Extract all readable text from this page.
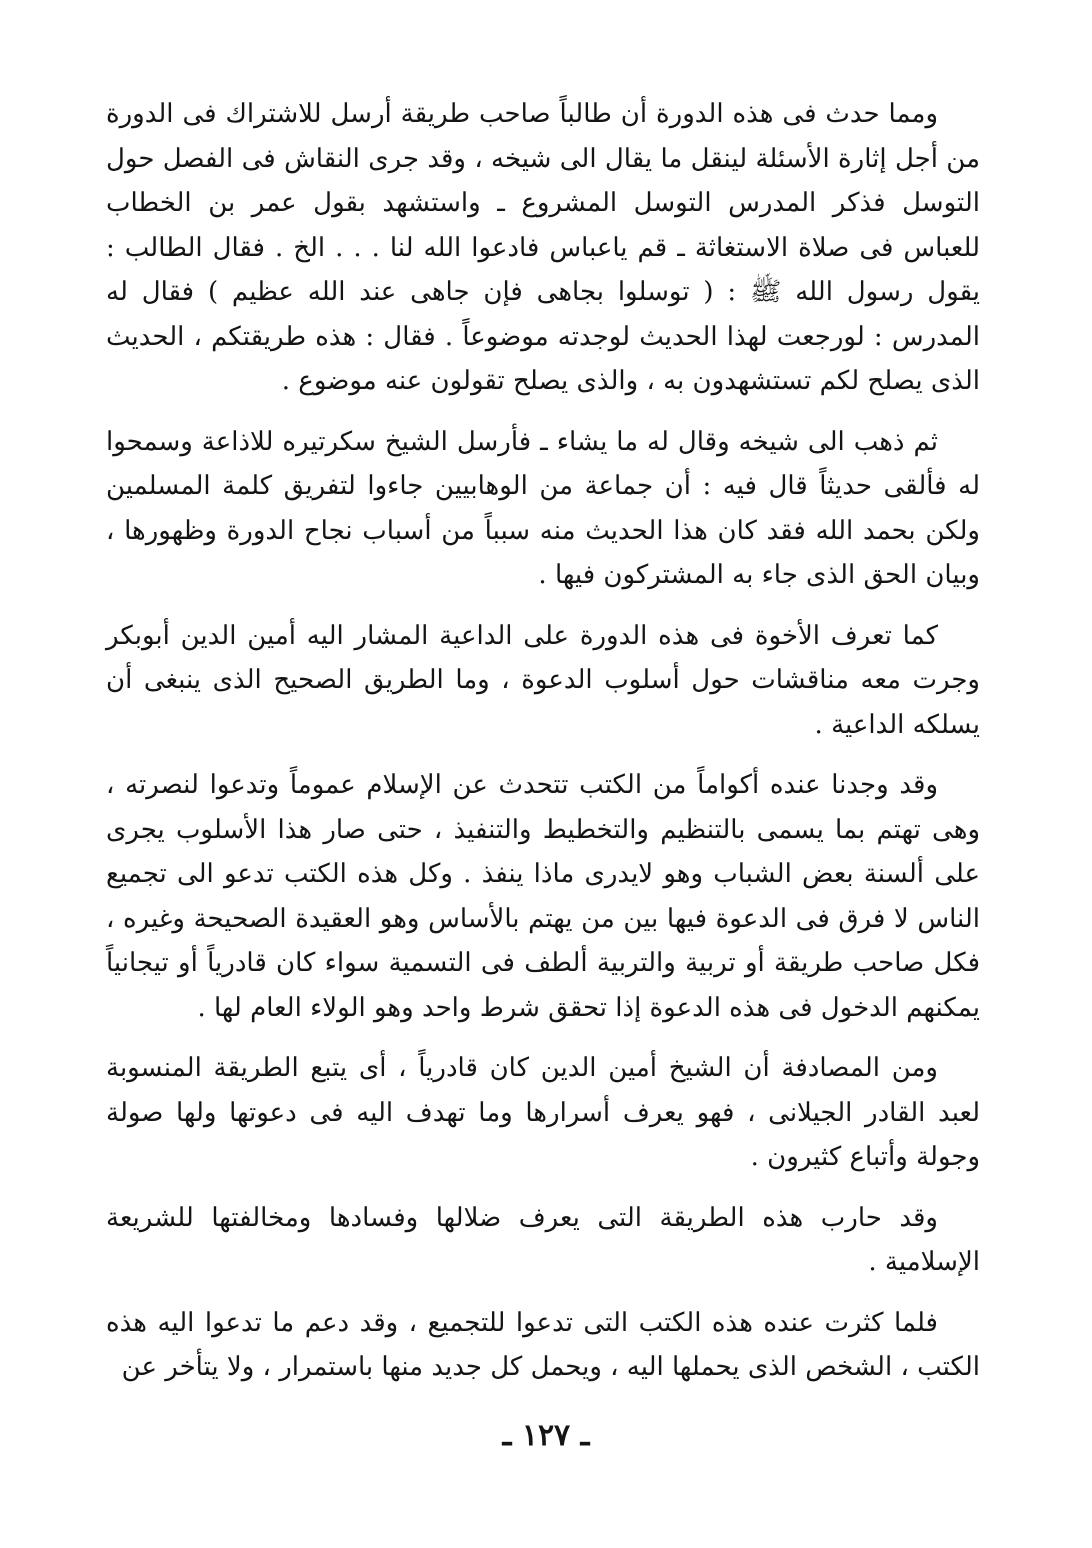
ومما حدث فى هذه الدورة أن طالباً صاحب طريقة أرسل للاشتراك فى الدورة من أجل إثارة الأسئلة لينقل ما يقال الى شيخه ، وقد جرى النقاش فى الفصل حول التوسل فذكر المدرس التوسل المشروع ـ واستشهد بقول عمر بن الخطاب للعباس فى صلاة الاستغاثة ـ قم ياعباس فادعوا الله لنا . . . الخ . فقال الطالب : يقول رسول الله ﷺ : ( توسلوا بجاهى فإن جاهى عند الله عظيم ) فقال له المدرس : لورجعت لهذا الحديث لوجدته موضوعاً . فقال : هذه طريقتكم ، الحديث الذى يصلح لكم تستشهدون به ، والذى يصلح تقولون عنه موضوع .

ثم ذهب الى شيخه وقال له ما يشاء ـ فأرسل الشيخ سكرتيره للاذاعة وسمحوا له فألقى حديثاً قال فيه : أن جماعة من الوهابيين جاءوا لتفريق كلمة المسلمين ولكن بحمد الله فقد كان هذا الحديث منه سبباً من أسباب نجاح الدورة وظهورها ، وبيان الحق الذى جاء به المشتركون فيها .

كما تعرف الأخوة فى هذه الدورة على الداعية المشار اليه أمين الدين أبوبكر وجرت معه مناقشات حول أسلوب الدعوة ، وما الطريق الصحيح الذى ينبغى أن يسلكه الداعية .

وقد وجدنا عنده أكواماً من الكتب تتحدث عن الإسلام عموماً وتدعوا لنصرته ، وهى تهتم بما يسمى بالتنظيم والتخطيط والتنفيذ ، حتى صار هذا الأسلوب يجرى على ألسنة بعض الشباب وهو لايدرى ماذا ينفذ . وكل هذه الكتب تدعو الى تجميع الناس لا فرق فى الدعوة فيها بين من يهتم بالأساس وهو العقيدة الصحيحة وغيره ، فكل صاحب طريقة أو تربية والتربية ألطف فى التسمية سواء كان قادرياً أو تيجانياً يمكنهم الدخول فى هذه الدعوة إذا تحقق شرط واحد وهو الولاء العام لها .

ومن المصادفة أن الشيخ أمين الدين كان قادرياً ، أى يتبع الطريقة المنسوبة لعبد القادر الجيلانى ، فهو يعرف أسرارها وما تهدف اليه فى دعوتها ولها صولة وجولة وأتباع كثيرون .

وقد حارب هذه الطريقة التى يعرف ضلالها وفسادها ومخالفتها للشريعة الإسلامية .

فلما كثرت عنده هذه الكتب التى تدعوا للتجميع ، وقد دعم ما تدعوا اليه هذه الكتب ، الشخص الذى يحملها اليه ، ويحمل كل جديد منها باستمرار ، ولا يتأخر عن

ـ ١٢٧ ـ
